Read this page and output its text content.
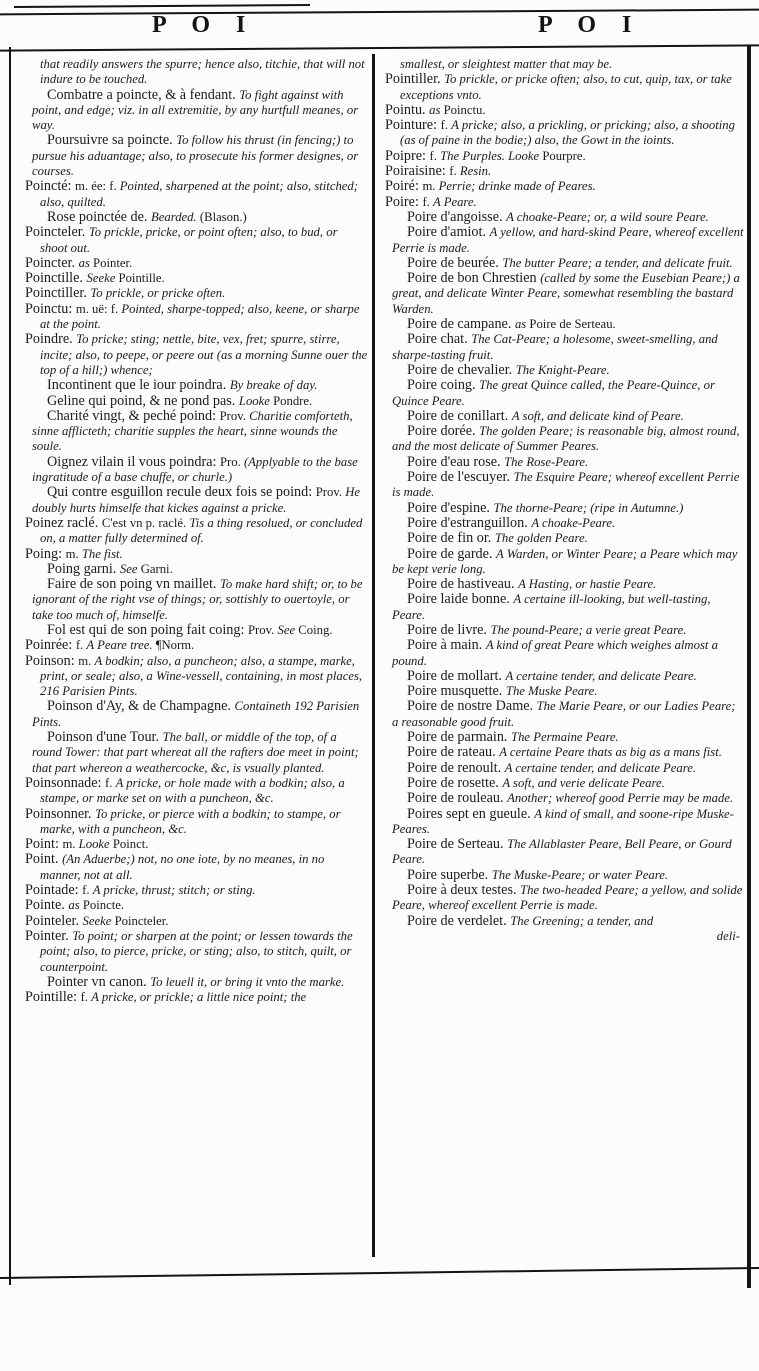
P O I	P O I

that readily answers the spurre; hence also, titchie, that will not indure to be touched.

Combatre a poincte, & à fendant. To fight against with point, and edge; viz. in all extremitie, by any hurtfull meanes, or way.

Poursuivre sa poincte. To follow his thrust (in fencing;) to pursue his aduantage; also, to prosecute his former designes, or courses.

Poincté: m. ée: f. Pointed, sharpened at the point; also, stitched; also, quilted.

Rose poinctée de. Bearded. (Blason.)

Poincteler. To prickle, pricke, or point often; also, to bud, or shoot out.

Poincter. as Pointer.

Poinctille. Seeke Pointille.

Poinctiller. To prickle, or pricke often.

Poinctu: m. uë: f. Pointed, sharpe-topped; also, keene, or sharpe at the point.

Poindre. To pricke; sting; nettle, bite, vex, fret; spurre, stirre, incite; also, to peepe, or peere out (as a morning Sunne ouer the top of a hill;) whence;

Incontinent que le iour poindra. By breake of day.

Geline qui poind, & ne pond pas. Looke Pondre.

Charité vingt, & peché poind: Prov. Charitie comforteth, sinne afflicteth; charitie supples the heart, sinne wounds the soule.

Oignez vilain il vous poindra: Pro. (Applyable to the base ingratitude of a base chuffe, or churle.)

Qui contre esguillon recule deux fois se poind: Prov. He doubly hurts himselfe that kickes against a pricke.

Poinez raclé. C'est vn p. raclé. Tis a thing resolued, or concluded on, a matter fully determined of.

Poing: m. The fist.

Poing garni. See Garni.

Faire de son poing vn maillet. To make hard shift; or, to be ignorant of the right vse of things; or, sottishly to ouertoyle, or take too much of, himselfe.

Fol est qui de son poing fait coing: Prov. See Coing.

Poinrée: f. A Peare tree. ¶Norm.

Poinson: m. A bodkin; also, a puncheon; also, a stampe, marke, print, or seale; also, a Wine-vessell, containing, in most places, 216 Parisien Pints.

Poinson d'Ay, & de Champagne. Containeth 192 Parisien Pints.

Poinson d'une Tour. The ball, or middle of the top, of a round Tower: that part whereat all the rafters doe meet in point; that part whereon a weathercocke, &c, is vsually planted.

Poinsonnade: f. A pricke, or hole made with a bodkin; also, a stampe, or marke set on with a puncheon, &c.

Poinsonner. To pricke, or pierce with a bodkin; to stampe, or marke, with a puncheon, &c.

Point: m. Looke Poinct.

Point. (An Aduerbe;) not, no one iote, by no meanes, in no manner, not at all.

Pointade: f. A pricke, thrust; stitch; or sting.

Pointe. as Poincte.

Pointeler. Seeke Poincteler.

Pointer. To point; or sharpen at the point; or lessen towards the point; also, to pierce, pricke, or sting; also, to stitch, quilt, or counterpoint.

Pointer vn canon. To leuell it, or bring it vnto the marke.

Pointille: f. A pricke, or prickle; a little nice point; the

smallest, or sleightest matter that may be.

Pointiller. To prickle, or pricke often; also, to cut, quip, tax, or take exceptions vnto.

Pointu. as Poinctu.

Pointure: f. A pricke; also, a prickling, or pricking; also, a shooting (as of paine in the bodie;) also, the Gowt in the ioints.

Poipre: f. The Purples. Looke Pourpre.

Poiraisine: f. Resin.

Poiré: m. Perrie; drinke made of Peares.

Poire: f. A Peare.

Poire d'angoisse. A choake-Peare; or, a wild soure Peare.

Poire d'amiot. A yellow, and hard-skind Peare, whereof excellent Perrie is made.

Poire de beurée. The butter Peare; a tender, and delicate fruit.

Poire de bon Chrestien (called by some the Eusebian Peare;) a great, and delicate Winter Peare, somewhat resembling the bastard Warden.

Poire de campane. as Poire de Serteau.

Poire chat. The Cat-Peare; a holesome, sweet-smelling, and sharpe-tasting fruit.

Poire de chevalier. The Knight-Peare.

Poire coing. The great Quince called, the Peare-Quince, or Quince Peare.

Poire de conillart. A soft, and delicate kind of Peare.

Poire dorée. The golden Peare; is reasonable big, almost round, and the most delicate of Summer Peares.

Poire d'eau rose. The Rose-Peare.

Poire de l'escuyer. The Esquire Peare; whereof excellent Perrie is made.

Poire d'espine. The thorne-Peare; (ripe in Autumne.)

Poire d'estranguillon. A choake-Peare.

Poire de fin or. The golden Peare.

Poire de garde. A Warden, or Winter Peare; a Peare which may be kept verie long.

Poire de hastiveau. A Hasting, or hastie Peare.

Poire laide bonne. A certaine ill-looking, but well-tasting, Peare.

Poire de livre. The pound-Peare; a verie great Peare.

Poire à main. A kind of great Peare which weighes almost a pound.

Poire de mollart. A certaine tender, and delicate Peare.

Poire musquette. The Muske Peare.

Poire de nostre Dame. The Marie Peare, or our Ladies Peare; a reasonable good fruit.

Poire de parmain. The Permaine Peare.

Poire de rateau. A certaine Peare thats as big as a mans fist.

Poire de renoult. A certaine tender, and delicate Peare.

Poire de rosette. A soft, and verie delicate Peare.

Poire de rouleau. Another; whereof good Perrie may be made.

Poires sept en gueule. A kind of small, and soone-ripe Muske-Peares.

Poire de Serteau. The Allablaster Peare, Bell Peare, or Gourd Peare.

Poire superbe. The Muske-Peare; or water Peare.

Poire à deux testes. The two-headed Peare; a yellow, and solide Peare, whereof excellent Perrie is made.

Poire de verdelet. The Greening; a tender, and

deli-
